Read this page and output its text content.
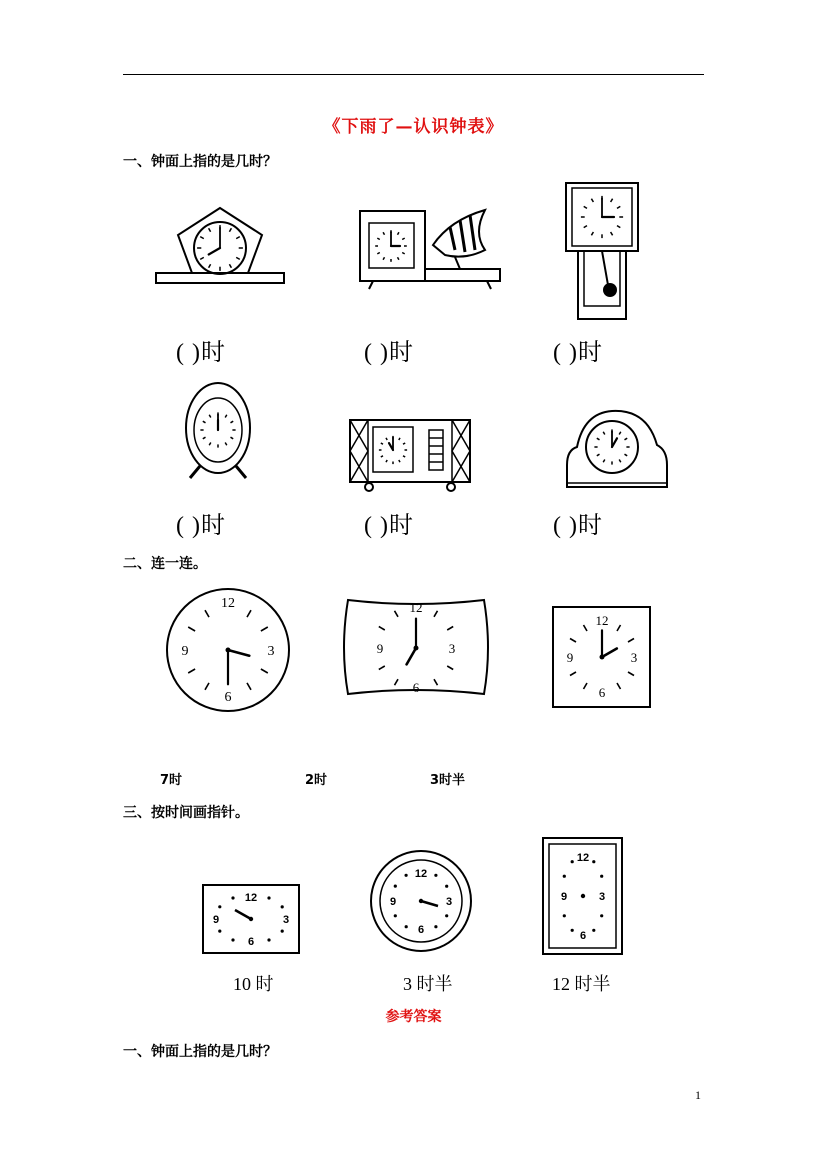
《下雨了—认识钟表》
一、钟面上指的是几时？
( )时	( )时	( )时
( )时	( )时	( )时
二、连一连。
12
3
6
9
12
3
6
9
12
3
6
9
7时	2时	3时半
三、按时间画指针。
12
3
6
9
12
3
6
9
12
3
6
9
10 时	3 时半	12 时半
参考答案
一、钟面上指的是几时？
1
